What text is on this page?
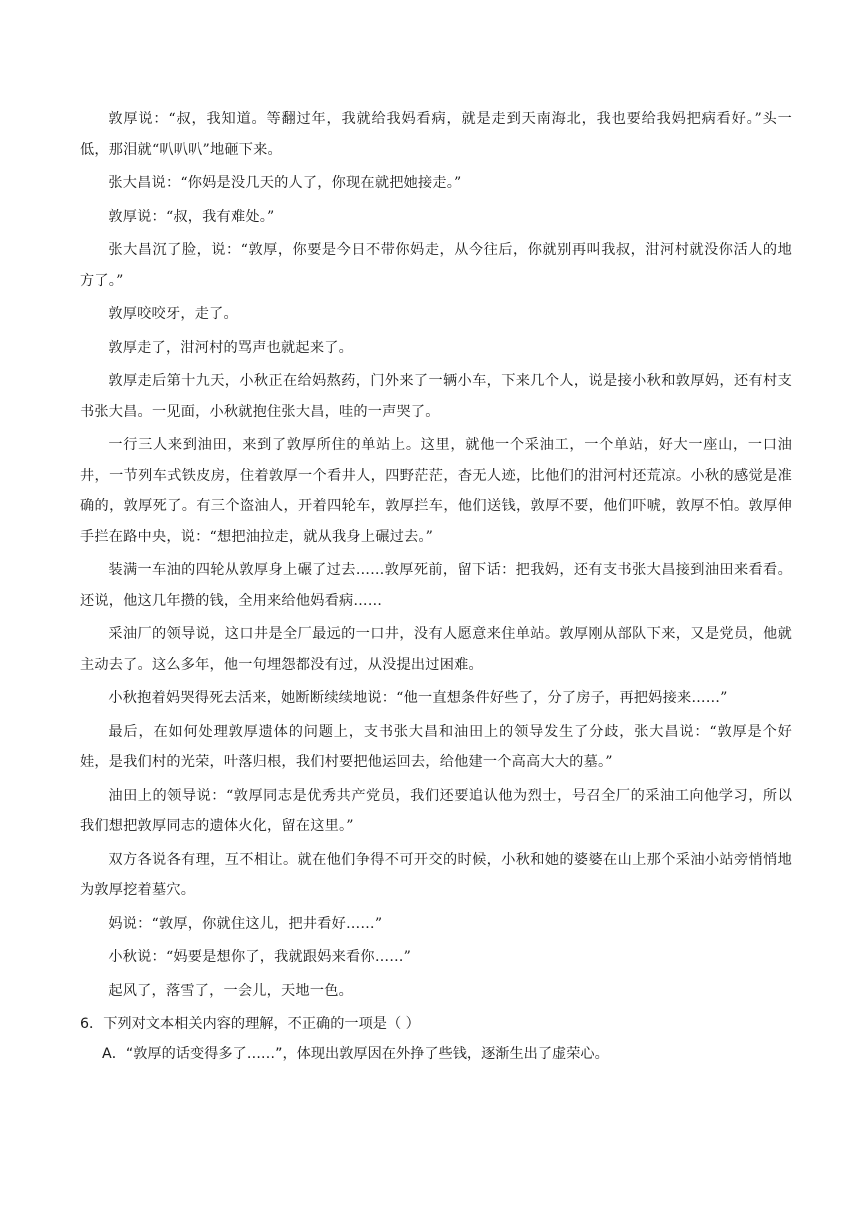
敦厚说：“叔，我知道。等翻过年，我就给我妈看病，就是走到天南海北，我也要给我妈把病看好。”头一低，那泪就“叭叭叭”地砸下来。

张大昌说：“你妈是没几天的人了，你现在就把她接走。”

敦厚说：“叔，我有难处。”

张大昌沉了脸，说：“敦厚，你要是今日不带你妈走，从今往后，你就别再叫我叔，泔河村就没你活人的地方了。”

敦厚咬咬牙，走了。

敦厚走了，泔河村的骂声也就起来了。

敦厚走后第十九天，小秋正在给妈熬药，门外来了一辆小车，下来几个人，说是接小秋和敦厚妈，还有村支书张大昌。一见面，小秋就抱住张大昌，哇的一声哭了。

一行三人来到油田，来到了敦厚所住的单站上。这里，就他一个采油工，一个单站，好大一座山，一口油井，一节列车式铁皮房，住着敦厚一个看井人，四野茫茫，杳无人迹，比他们的泔河村还荒凉。小秋的感觉是准确的，敦厚死了。有三个盗油人，开着四轮车，敦厚拦车，他们送钱，敦厚不要，他们吓唬，敦厚不怕。敦厚伸手拦在路中央，说：“想把油拉走，就从我身上碾过去。”

装满一车油的四轮从敦厚身上碾了过去……敦厚死前，留下话：把我妈，还有支书张大昌接到油田来看看。还说，他这几年攒的钱，全用来给他妈看病……

采油厂的领导说，这口井是全厂最远的一口井，没有人愿意来住单站。敦厚刚从部队下来，又是党员，他就主动去了。这么多年，他一句埋怨都没有过，从没提出过困难。

小秋抱着妈哭得死去活来，她断断续续地说：“他一直想条件好些了，分了房子，再把妈接来……”

最后，在如何处理敦厚遗体的问题上，支书张大昌和油田上的领导发生了分歧，张大昌说：“敦厚是个好娃，是我们村的光荣，叶落归根，我们村要把他运回去，给他建一个高高大大的墓。”

油田上的领导说：“敦厚同志是优秀共产党员，我们还要追认他为烈士，号召全厂的采油工向他学习，所以我们想把敦厚同志的遗体火化，留在这里。”

双方各说各有理，互不相让。就在他们争得不可开交的时候，小秋和她的婆婆在山上那个采油小站旁悄悄地为敦厚挖着墓穴。

妈说：“敦厚，你就住这儿，把井看好……”

小秋说：“妈要是想你了，我就跟妈来看你……”

起风了，落雪了，一会儿，天地一色。

6．下列对文本相关内容的理解，不正确的一项是（ ）

A．“敦厚的话变得多了……”，体现出敦厚因在外挣了些钱，逐渐生出了虚荣心。
